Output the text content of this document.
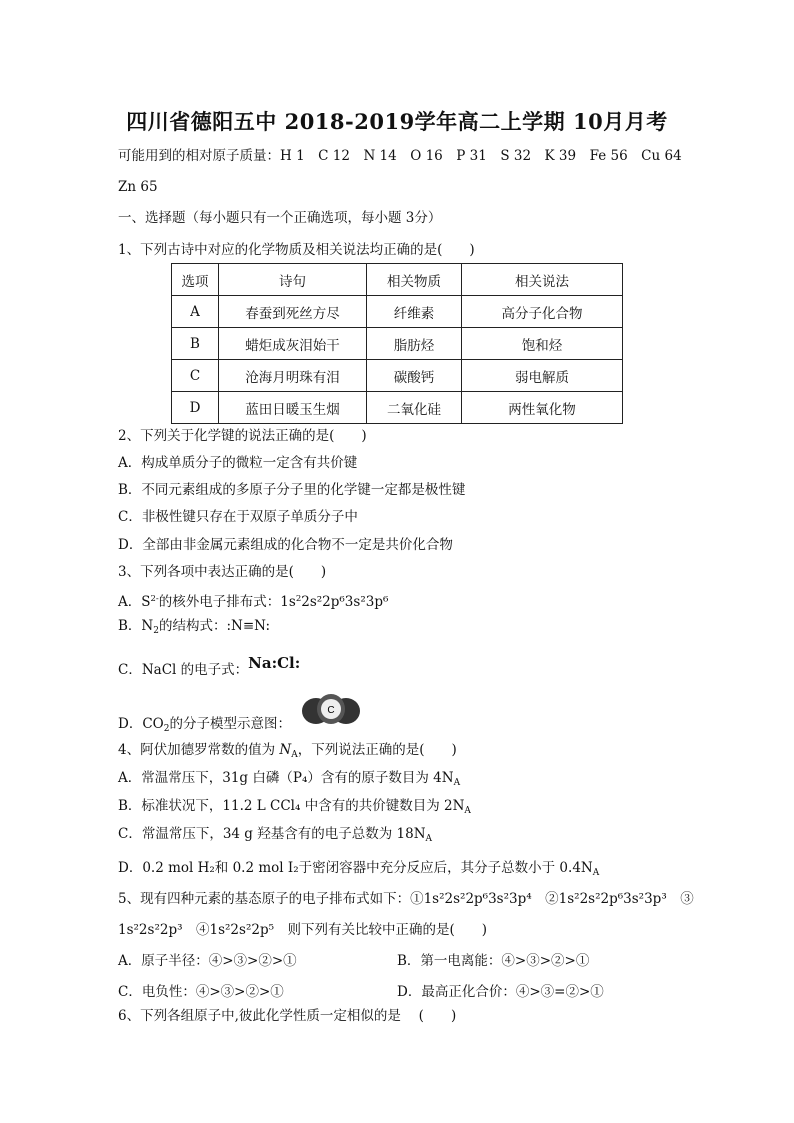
四川省德阳五中 2018-2019学年高二上学期 10月月考
可能用到的相对原子质量：H 1　C 12　N 14　O 16　P 31　S 32　K 39　Fe 56　Cu 64
Zn 65
一、选择题（每小题只有一个正确选项，每小题 3分）
1、下列古诗中对应的化学物质及相关说法均正确的是(　　)
选项	诗句	相关物质	相关说法
A	春蚕到死丝方尽	纤维素	高分子化合物
B	蜡炬成灰泪始干	脂肪烃	饱和烃
C	沧海月明珠有泪	碳酸钙	弱电解质
D	蓝田日暖玉生烟	二氧化硅	两性氧化物
2、下列关于化学键的说法正确的是(　　)
A．构成单质分子的微粒一定含有共价键
B．不同元素组成的多原子分子里的化学键一定都是极性键
C．非极性键只存在于双原子单质分子中
D．全部由非金属元素组成的化合物不一定是共价化合物
3、下列各项中表达正确的是(　　)
A．$S^{2-}$的核外电子排布式：$1s^22s^22p^63s^23p^6$
B．$N_2$的结构式：:N≡N:
C．NaCl 的电子式：Na:Cl:
D．$CO_2$的分子模型示意图：
C
4、阿伏加德罗常数的值为 $N_A$，下列说法正确的是(　　)
A．常温常压下，31g 白磷（P₄）含有的原子数目为 $4N_A$
B．标准状况下，11.2 L CCl₄ 中含有的共价键数目为 $2N_A$
C．常温常压下，34 g 羟基含有的电子总数为 $18N_A$
D．0.2 mol H₂和 0.2 mol I₂于密闭容器中充分反应后，其分子总数小于 $0.4N_A$
5、现有四种元素的基态原子的电子排布式如下：①1s²2s²2p⁶3s²3p⁴　②1s²2s²2p⁶3s²3p³　③
1s²2s²2p³　④1s²2s²2p⁵　则下列有关比较中正确的是(　　)
A．原子半径：④>③>②>①	B．第一电离能：④>③>②>①
C．电负性：④>③>②>①	D．最高正化合价：④>③=②>①
6、下列各组原子中,彼此化学性质一定相似的是　 (　　)
